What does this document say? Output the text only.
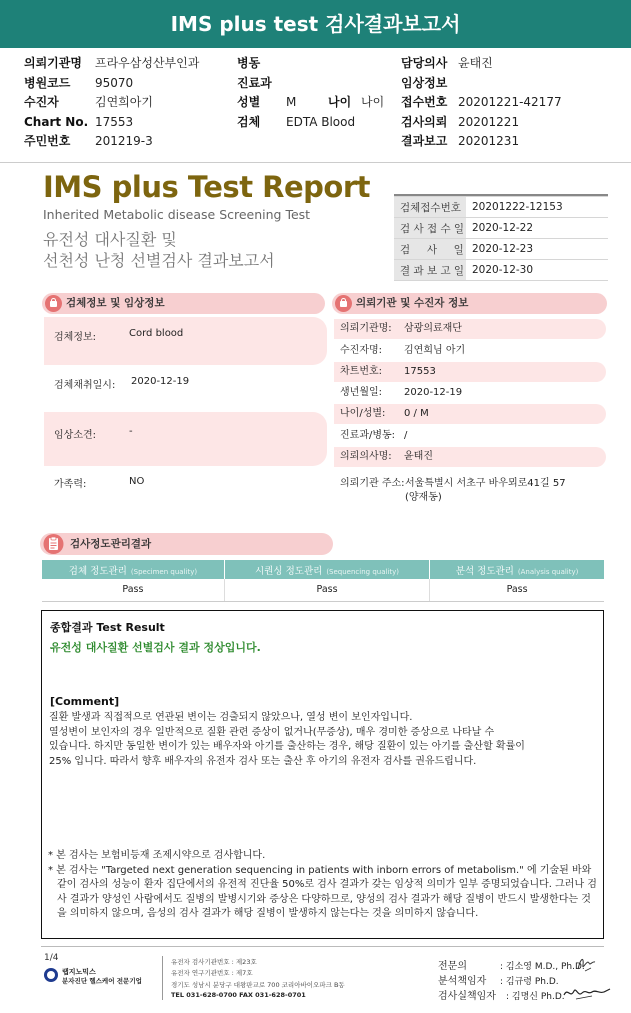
IMS plus test 검사결과보고서
의뢰기관명	프라우삼성산부인과
병원코드	95070
수진자	김연희아기
Chart No. 17553
주민번호	201219-3
병동
진료과
성별	M	나이 나이
검체	EDTA Blood
담당의사 윤태진
임상정보
접수번호 20201221-42177
검사의뢰 20201221
결과보고 20201231
IMS plus Test Report
Inherited Metabolic disease Screening Test
유전성 대사질환 및
선천성 난청 선별검사 결과보고서
검체접수번호	20201222-12153
검 사 접 수 일	2020-12-22
검     사     일	2020-12-23
결 과 보 고 일	2020-12-30
검체정보 및 임상정보
검체정보:	Cord blood
검체채취일시: 2020-12-19
임상소견:	-
가족력:	NO
의뢰기관 및 수진자 정보
의뢰기관명: 삼광의료재단
수진자명: 김연희님 아기
차트번호: 17553
생년월일: 2020-12-19
나이/성별: 0 / M
진료과/병동: /
의뢰의사명: 윤태진
의뢰기관 주소: 서울특별시 서초구 바우뫼로41길 57
(양재동)
검사정도관리결과
검체 정도관리 (Specimen quality)	시퀀싱 정도관리 (Sequencing quality)	분석 정도관리 (Analysis quality)
Pass	Pass	Pass
종합결과 Test Result
유전성 대사질환 선별검사 결과 정상입니다.
[Comment]

질환 발생과 직접적으로 연관된 변이는 검출되지 않았으나, 열성 변이 보인자입니다.

열성변이 보인자의 경우 일반적으로 질환 관련 증상이 없거나(무증상), 매우 경미한 증상으로 나타날 수

있습니다. 하지만 동일한 변이가 있는 배우자와 아기를 출산하는 경우, 해당 질환이 있는 아기를 출산할 확률이

25% 입니다. 따라서 향후 배우자의 유전자 검사 또는 출산 후 아기의 유전자 검사를 권유드립니다.

* 본 검사는 보험비등재 조제시약으로 검사합니다.
* 본 검사는 "Targeted next generation sequencing in patients with inborn errors of metabolism." 에 기술된 바와 같이 검사의 성능이 환자 집단에서의 유전적 진단율 50%로 검사 결과가 갖는 임상적 의미가 일부 증명되었습니다. 그러나 검사 결과가 양성인 사람에서도 질병의 발병시기와 증상은 다양하므로, 양성의 검사 결과가 해당 질병이 반드시 발생한다는 것을 의미하지 않으며, 음성의 검사 결과가 해당 질병이 발생하지 않는다는 것을 의미하지 않습니다.
1/4
랩지노믹스
분자진단 헬스케어 전문기업
유전자 검사기관번호 : 제23호
유전자 연구기관번호 : 제7호
경기도 성남시 분당구 대왕판교로 700 코리아바이오파크 B동
TEL 031-628-0700 FAX 031-628-0701
전문의	: 김소영 M.D., Ph.D.
분석책임자 : 김규령 Ph.D.
검사실책임자 : 김명신 Ph.D.
